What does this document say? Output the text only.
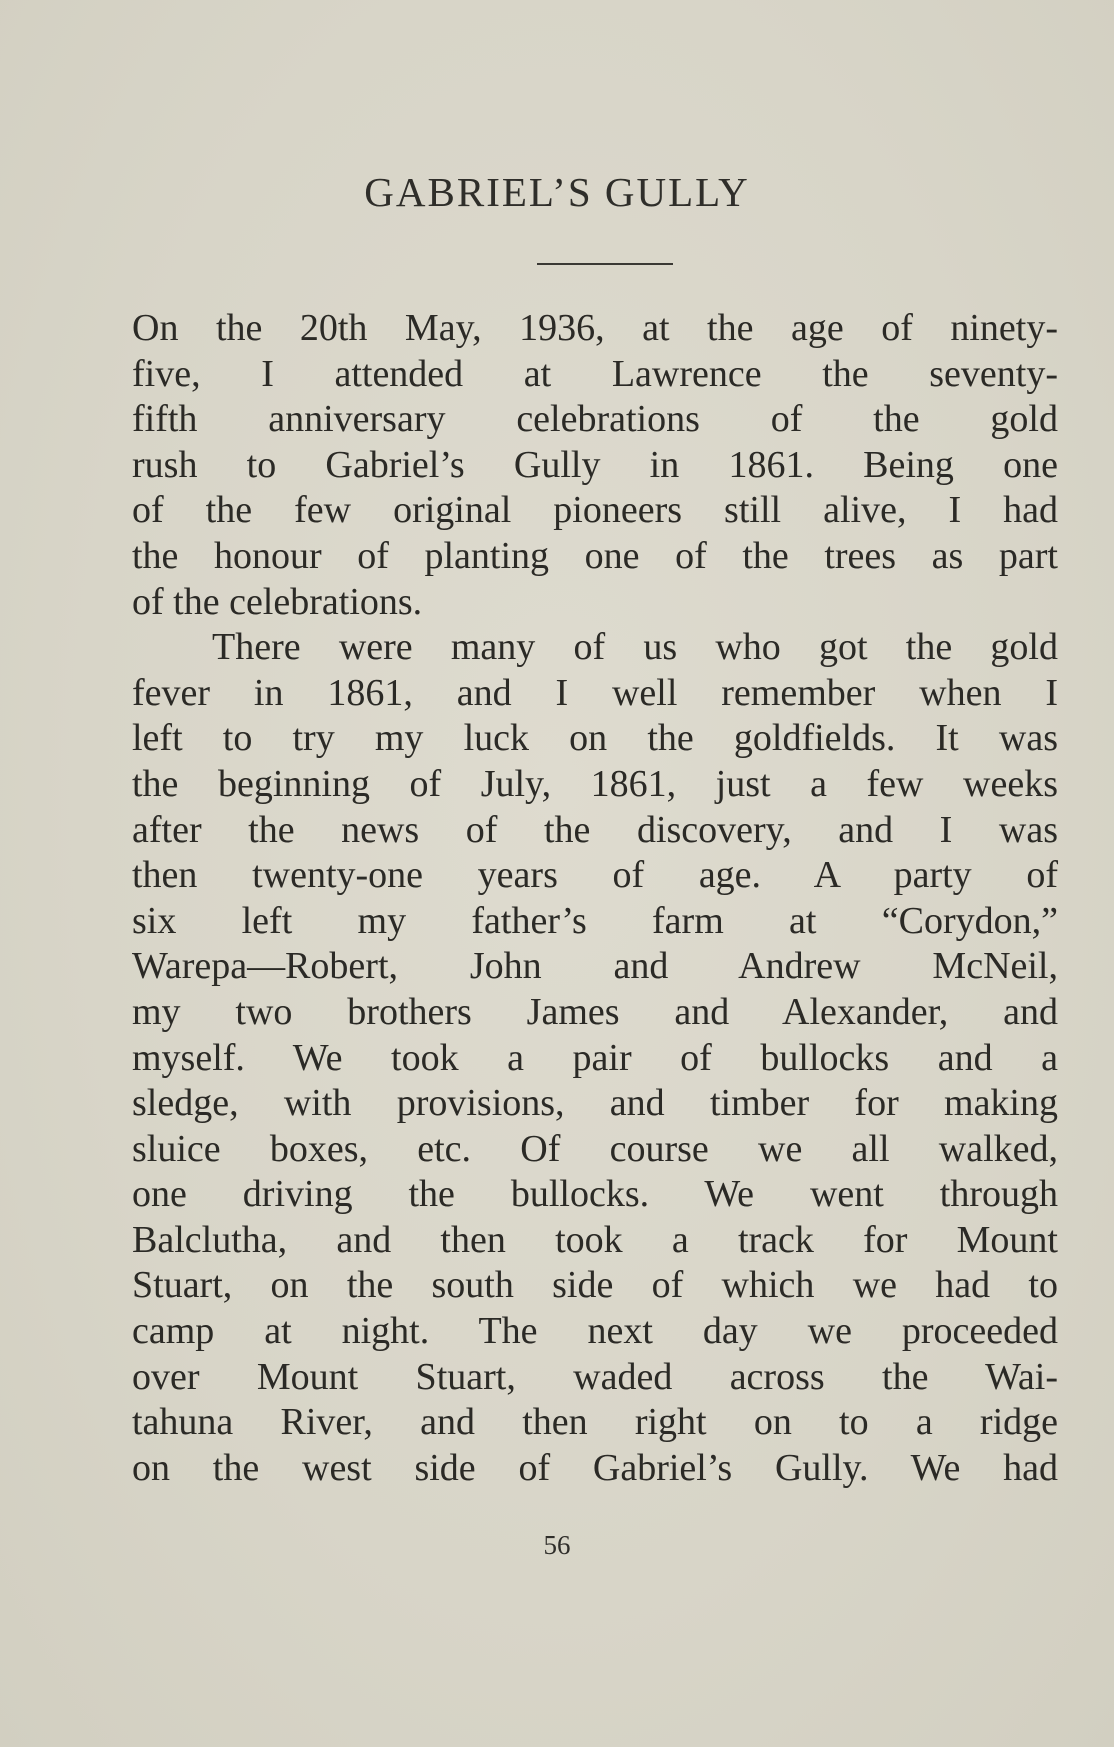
GABRIEL’S GULLY
On the 20th May, 1936, at the age of ninety-
five, I attended at Lawrence the seventy-
fifth anniversary celebrations of the gold
rush to Gabriel’s Gully in 1861. Being one
of the few original pioneers still alive, I had
the honour of planting one of the trees as part
of the celebrations.
There were many of us who got the gold
fever in 1861, and I well remember when I
left to try my luck on the goldfields. It was
the beginning of July, 1861, just a few weeks
after the news of the discovery, and I was
then twenty-one years of age. A party of
six left my father’s farm at “Corydon,”
Warepa—Robert, John and Andrew McNeil,
my two brothers James and Alexander, and
myself. We took a pair of bullocks and a
sledge, with provisions, and timber for making
sluice boxes, etc. Of course we all walked,
one driving the bullocks. We went through
Balclutha, and then took a track for Mount
Stuart, on the south side of which we had to
camp at night. The next day we proceeded
over Mount Stuart, waded across the Wai-
tahuna River, and then right on to a ridge
on the west side of Gabriel’s Gully. We had
56
